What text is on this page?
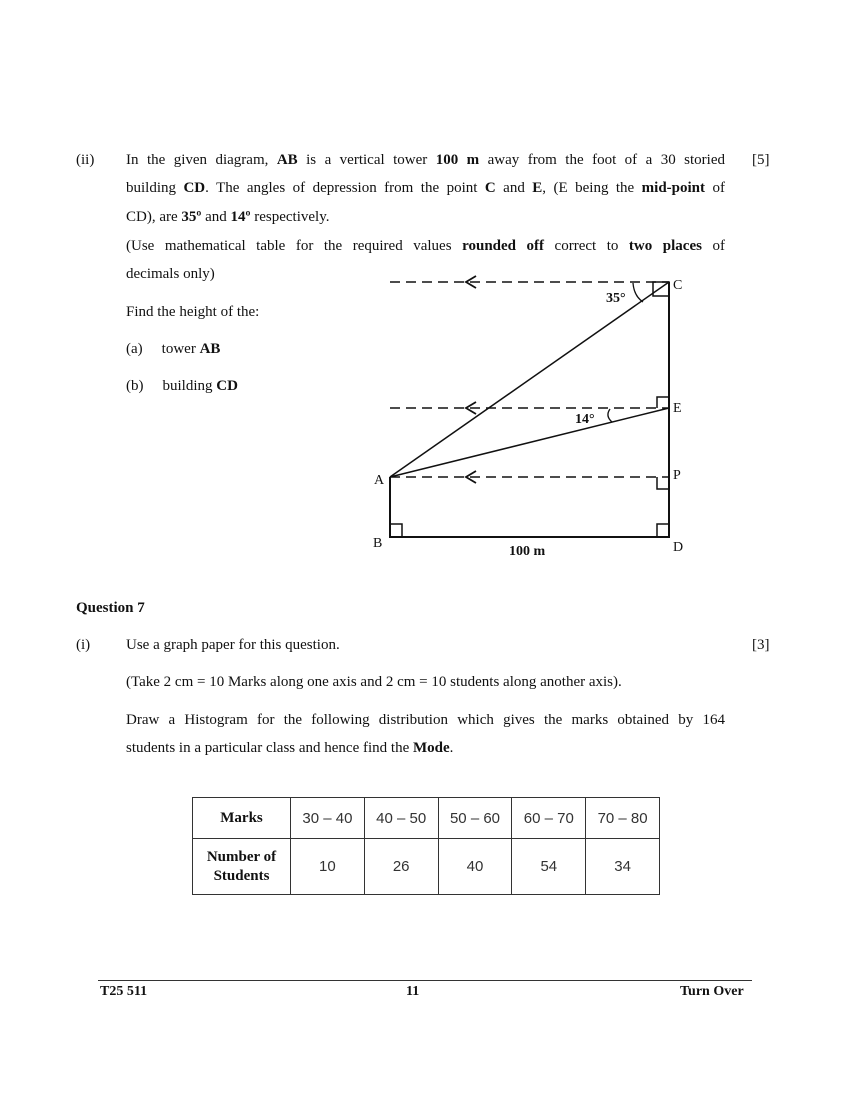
(ii)	[5]
In the given diagram, AB is a vertical tower 100 m away from the foot of a 30 storied
building CD. The angles of depression from the point C and E, (E being the mid-point of
CD), are 35º and 14º respectively.
(Use mathematical table for the required values rounded off correct to two places of
decimals only)
Find the height of the:
(a) tower AB
(b) building CD
C
E
P
D
A
B
35°
14°
100 m
Question 7
(i)	[3]
Use a graph paper for this question.
(Take 2 cm = 10 Marks along one axis and 2 cm = 10 students along another axis).
Draw a Histogram for the following distribution which gives the marks obtained by 164
students in a particular class and hence find the Mode.
Marks	30 – 40	40 – 50	50 – 60	60 – 70	70 – 80
Number of Students	10	26	40	54	34
T25 511	11	Turn Over
